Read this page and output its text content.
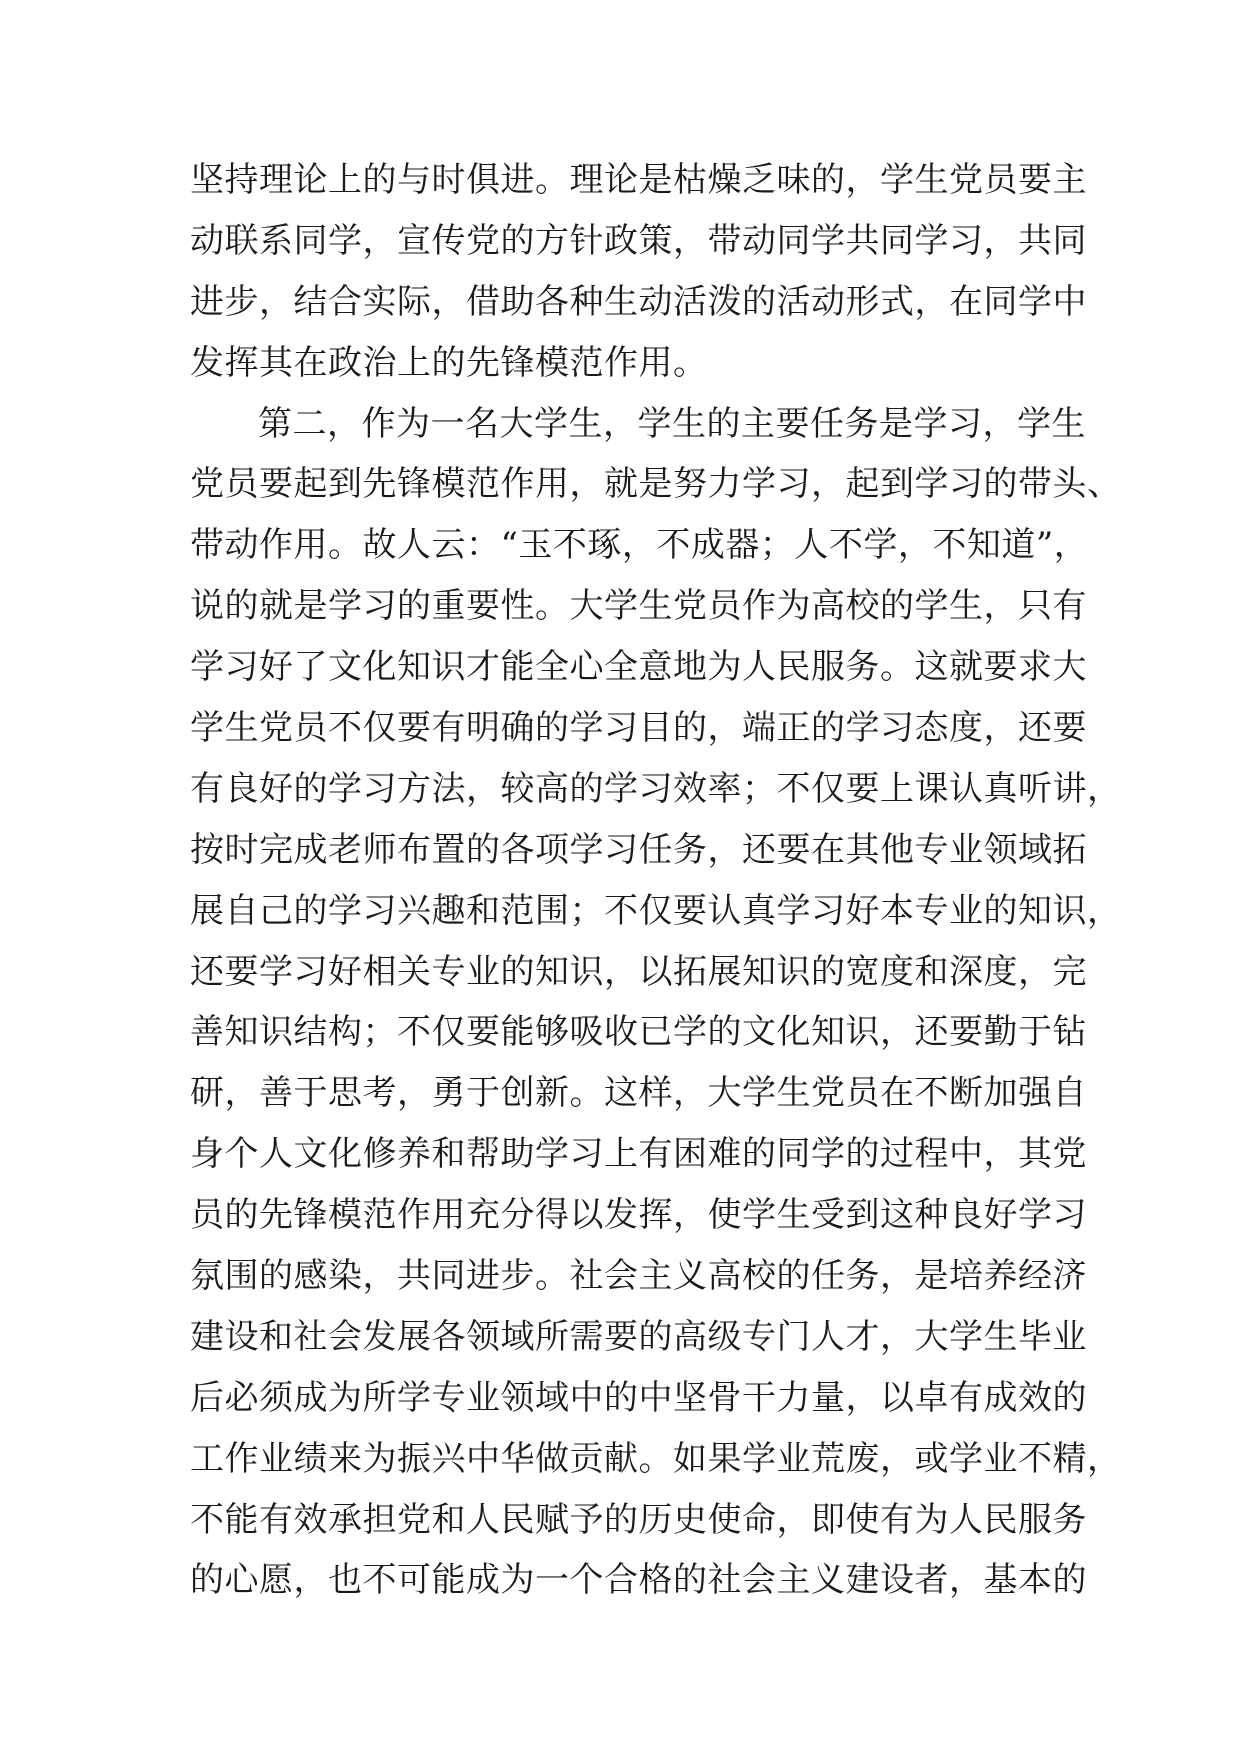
坚持理论上的与时俱进。理论是枯燥乏味的，学生党员要主
动联系同学，宣传党的方针政策，带动同学共同学习，共同
进步，结合实际，借助各种生动活泼的活动形式，在同学中
发挥其在政治上的先锋模范作用。
第二，作为一名大学生，学生的主要任务是学习，学生
党员要起到先锋模范作用，就是努力学习，起到学习的带头、
带动作用。故人云：“玉不琢，不成器；人不学，不知道”，
说的就是学习的重要性。大学生党员作为高校的学生，只有
学习好了文化知识才能全心全意地为人民服务。这就要求大
学生党员不仅要有明确的学习目的，端正的学习态度，还要
有良好的学习方法，较高的学习效率；不仅要上课认真听讲，
按时完成老师布置的各项学习任务，还要在其他专业领域拓
展自己的学习兴趣和范围；不仅要认真学习好本专业的知识，
还要学习好相关专业的知识，以拓展知识的宽度和深度，完
善知识结构；不仅要能够吸收已学的文化知识，还要勤于钻
研，善于思考，勇于创新。这样，大学生党员在不断加强自
身个人文化修养和帮助学习上有困难的同学的过程中，其党
员的先锋模范作用充分得以发挥，使学生受到这种良好学习
氛围的感染，共同进步。社会主义高校的任务，是培养经济
建设和社会发展各领域所需要的高级专门人才，大学生毕业
后必须成为所学专业领域中的中坚骨干力量，以卓有成效的
工作业绩来为振兴中华做贡献。如果学业荒废，或学业不精，
不能有效承担党和人民赋予的历史使命，即使有为人民服务
的心愿，也不可能成为一个合格的社会主义建设者，基本的
